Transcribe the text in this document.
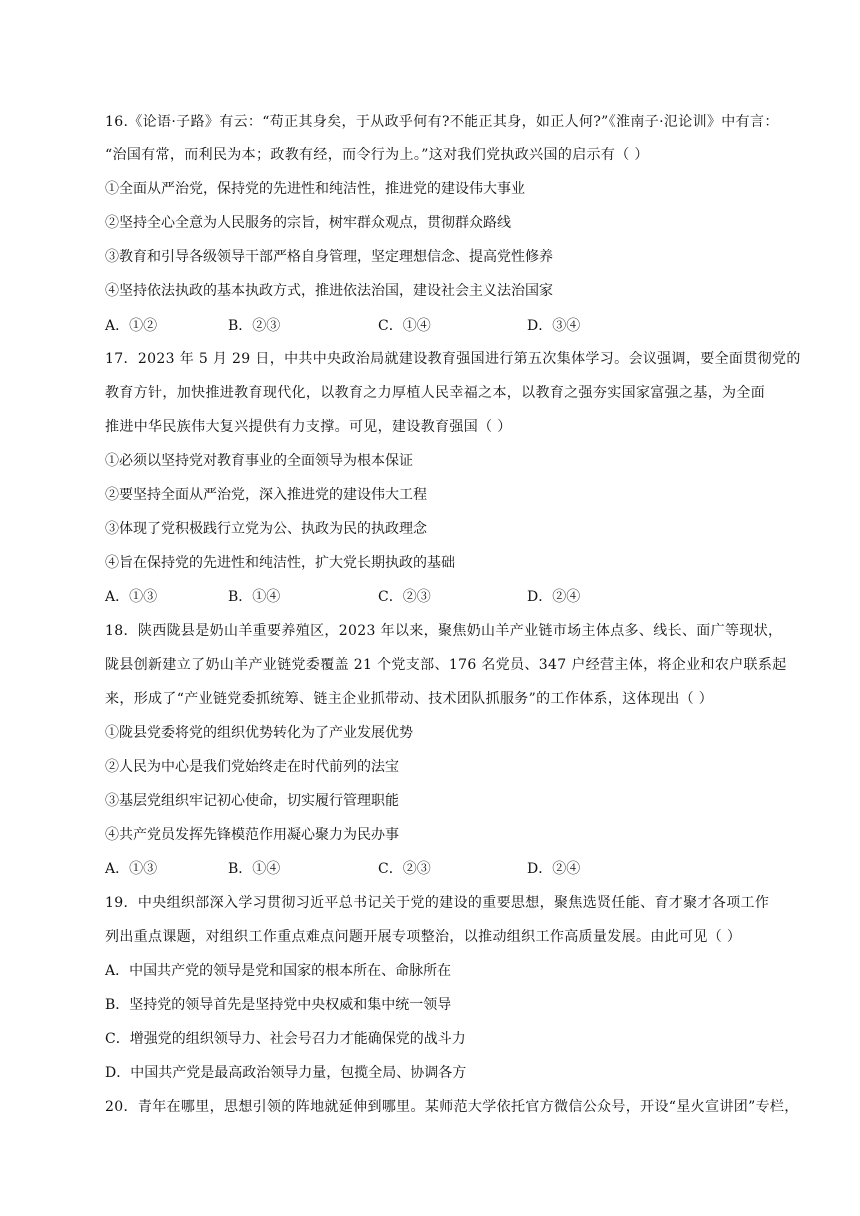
16.《论语·子路》有云：“苟正其身矣，于从政乎何有?不能正其身，如正人何?”《淮南子·氾论训》中有言：
“治国有常，而利民为本；政教有经，而令行为上。”这对我们党执政兴国的启示有（ ）
①全面从严治党，保持党的先进性和纯洁性，推进党的建设伟大事业
②坚持全心全意为人民服务的宗旨，树牢群众观点，贯彻群众路线
③教育和引导各级领导干部严格自身管理，坚定理想信念、提高党性修养
④坚持依法执政的基本执政方式，推进依法治国，建设社会主义法治国家
A．①②	B．②③	C．①④	D．③④
17．2023 年 5 月 29 日，中共中央政治局就建设教育强国进行第五次集体学习。会议强调，要全面贯彻党的
教育方针，加快推进教育现代化，以教育之力厚植人民幸福之本，以教育之强夯实国家富强之基，为全面
推进中华民族伟大复兴提供有力支撑。可见，建设教育强国（ ）
①必须以坚持党对教育事业的全面领导为根本保证
②要坚持全面从严治党，深入推进党的建设伟大工程
③体现了党积极践行立党为公、执政为民的执政理念
④旨在保持党的先进性和纯洁性，扩大党长期执政的基础
A．①③	B．①④	C．②③	D．②④
18．陕西陇县是奶山羊重要养殖区，2023 年以来，聚焦奶山羊产业链市场主体点多、线长、面广等现状，
陇县创新建立了奶山羊产业链党委覆盖 21 个党支部、176 名党员、347 户经营主体，将企业和农户联系起
来，形成了“产业链党委抓统筹、链主企业抓带动、技术团队抓服务”的工作体系，这体现出（ ）
①陇县党委将党的组织优势转化为了产业发展优势
②人民为中心是我们党始终走在时代前列的法宝
③基层党组织牢记初心使命，切实履行管理职能
④共产党员发挥先锋模范作用凝心聚力为民办事
A．①③	B．①④	C．②③	D．②④
19．中央组织部深入学习贯彻习近平总书记关于党的建设的重要思想，聚焦选贤任能、育才聚才各项工作
列出重点课题，对组织工作重点难点问题开展专项整治，以推动组织工作高质量发展。由此可见（ ）
A．中国共产党的领导是党和国家的根本所在、命脉所在
B．坚持党的领导首先是坚持党中央权威和集中统一领导
C．增强党的组织领导力、社会号召力才能确保党的战斗力
D．中国共产党是最高政治领导力量，包揽全局、协调各方
20．青年在哪里，思想引领的阵地就延伸到哪里。某师范大学依托官方微信公众号，开设“星火宣讲团”专栏，
